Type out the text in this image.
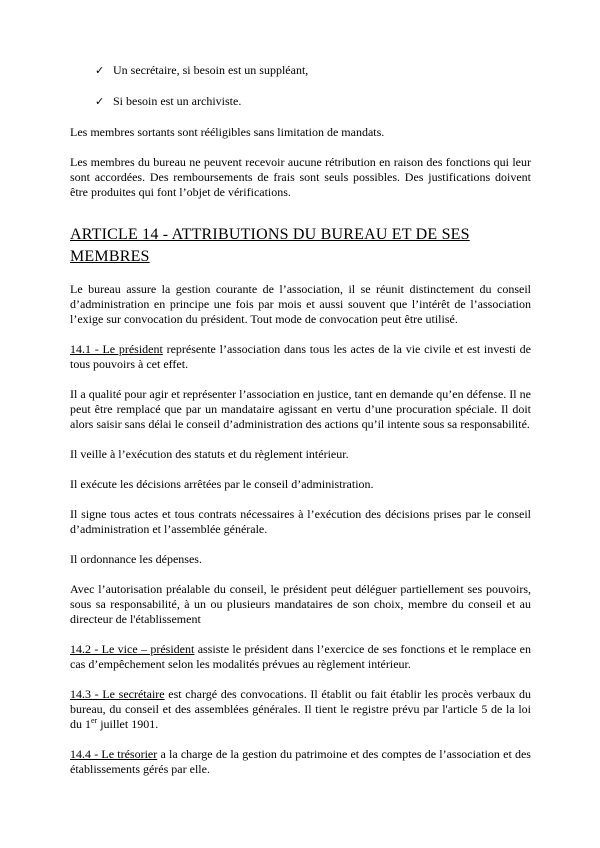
✓ Un secrétaire, si besoin est un suppléant,
✓ Si besoin est un archiviste.

Les membres sortants sont rééligibles sans limitation de mandats.

Les membres du bureau ne peuvent recevoir aucune rétribution en raison des fonctions qui leur sont accordées. Des remboursements de frais sont seuls possibles. Des justifications doivent être produites qui font l’objet de vérifications.

ARTICLE 14 - ATTRIBUTIONS DU BUREAU ET DE SES MEMBRES

Le bureau assure la gestion courante de l’association, il se réunit distinctement du conseil d’administration en principe une fois par mois et aussi souvent que l’intérêt de l’association l’exige sur convocation du président. Tout mode de convocation peut être utilisé.

14.1 - Le président représente l’association dans tous les actes de la vie civile et est investi de tous pouvoirs à cet effet.

Il a qualité pour agir et représenter l’association en justice, tant en demande qu’en défense. Il ne peut être remplacé que par un mandataire agissant en vertu d’une procuration spéciale. Il doit alors saisir sans délai le conseil d’administration des actions qu’il intente sous sa responsabilité.

Il veille à l’exécution des statuts et du règlement intérieur.

Il exécute les décisions arrêtées par le conseil d’administration.

Il signe tous actes et tous contrats nécessaires à l’exécution des décisions prises par le conseil d’administration et l’assemblée générale.

Il ordonnance les dépenses.

Avec l’autorisation préalable du conseil, le président peut déléguer partiellement ses pouvoirs, sous sa responsabilité, à un ou plusieurs mandataires de son choix, membre du conseil et au directeur de l'établissement

14.2 - Le vice – président assiste le président dans l’exercice de ses fonctions et le remplace en cas d’empêchement selon les modalités prévues au règlement intérieur.

14.3 - Le secrétaire est chargé des convocations. Il établit ou fait établir les procès verbaux du bureau, du conseil et des assemblées générales. Il tient le registre prévu par l'article 5 de la loi du 1er juillet 1901.

14.4 - Le trésorier a la charge de la gestion du patrimoine et des comptes de l’association et des établissements gérés par elle.
